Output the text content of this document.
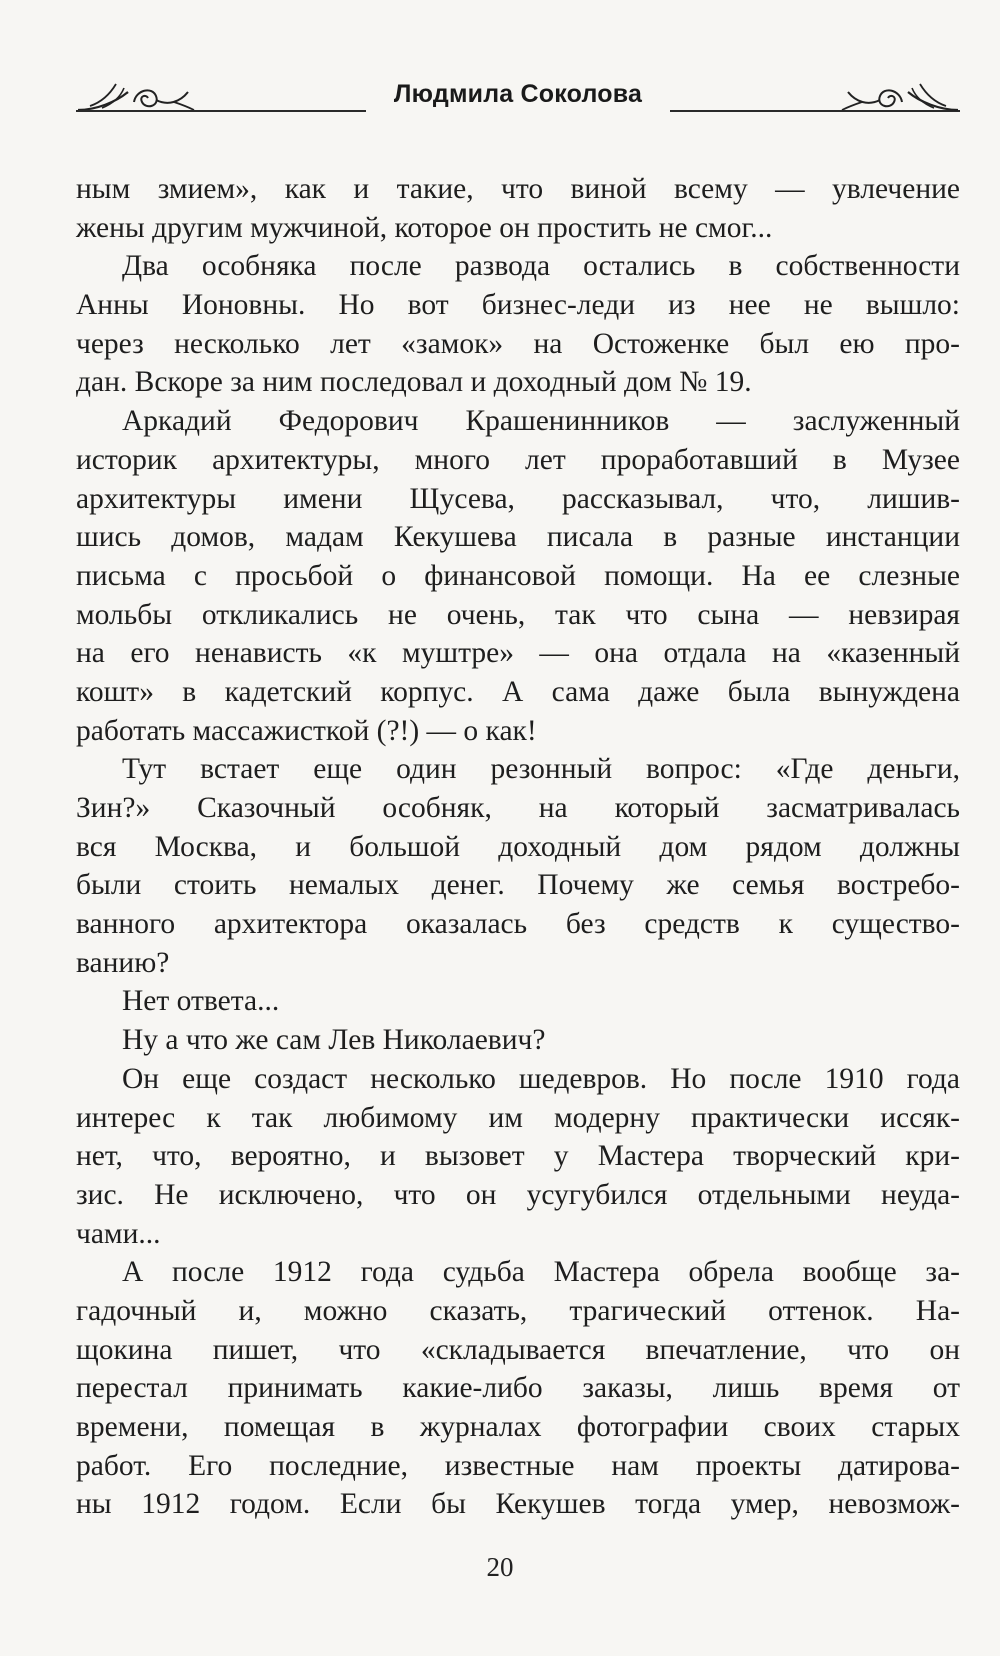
Людмила Соколова
ным змием», как и такие, что виной всему — увлечение
жены другим мужчиной, которое он простить не смог...
Два особняка после развода остались в собственности
Анны Ионовны. Но вот бизнес-леди из нее не вышло:
через несколько лет «замок» на Остоженке был ею про-
дан. Вскоре за ним последовал и доходный дом № 19.
Аркадий Федорович Крашенинников — заслуженный
историк архитектуры, много лет проработавший в Музее
архитектуры имени Щусева, рассказывал, что, лишив-
шись домов, мадам Кекушева писала в разные инстанции
письма с просьбой о финансовой помощи. На ее слезные
мольбы откликались не очень, так что сына — невзирая
на его ненависть «к муштре» — она отдала на «казенный
кошт» в кадетский корпус. А сама даже была вынуждена
работать массажисткой (?!) — о как!
Тут встает еще один резонный вопрос: «Где деньги,
Зин?» Сказочный особняк, на который засматривалась
вся Москва, и большой доходный дом рядом должны
были стоить немалых денег. Почему же семья востребо-
ванного архитектора оказалась без средств к существо-
ванию?
Нет ответа...
Ну а что же сам Лев Николаевич?
Он еще создаст несколько шедевров. Но после 1910 года
интерес к так любимому им модерну практически иссяк-
нет, что, вероятно, и вызовет у Мастера творческий кри-
зис. Не исключено, что он усугубился отдельными неуда-
чами...
А после 1912 года судьба Мастера обрела вообще за-
гадочный и, можно сказать, трагический оттенок. На-
щокина пишет, что «складывается впечатление, что он
перестал принимать какие-либо заказы, лишь время от
времени, помещая в журналах фотографии своих старых
работ. Его последние, известные нам проекты датирова-
ны 1912 годом. Если бы Кекушев тогда умер, невозмож-
20
